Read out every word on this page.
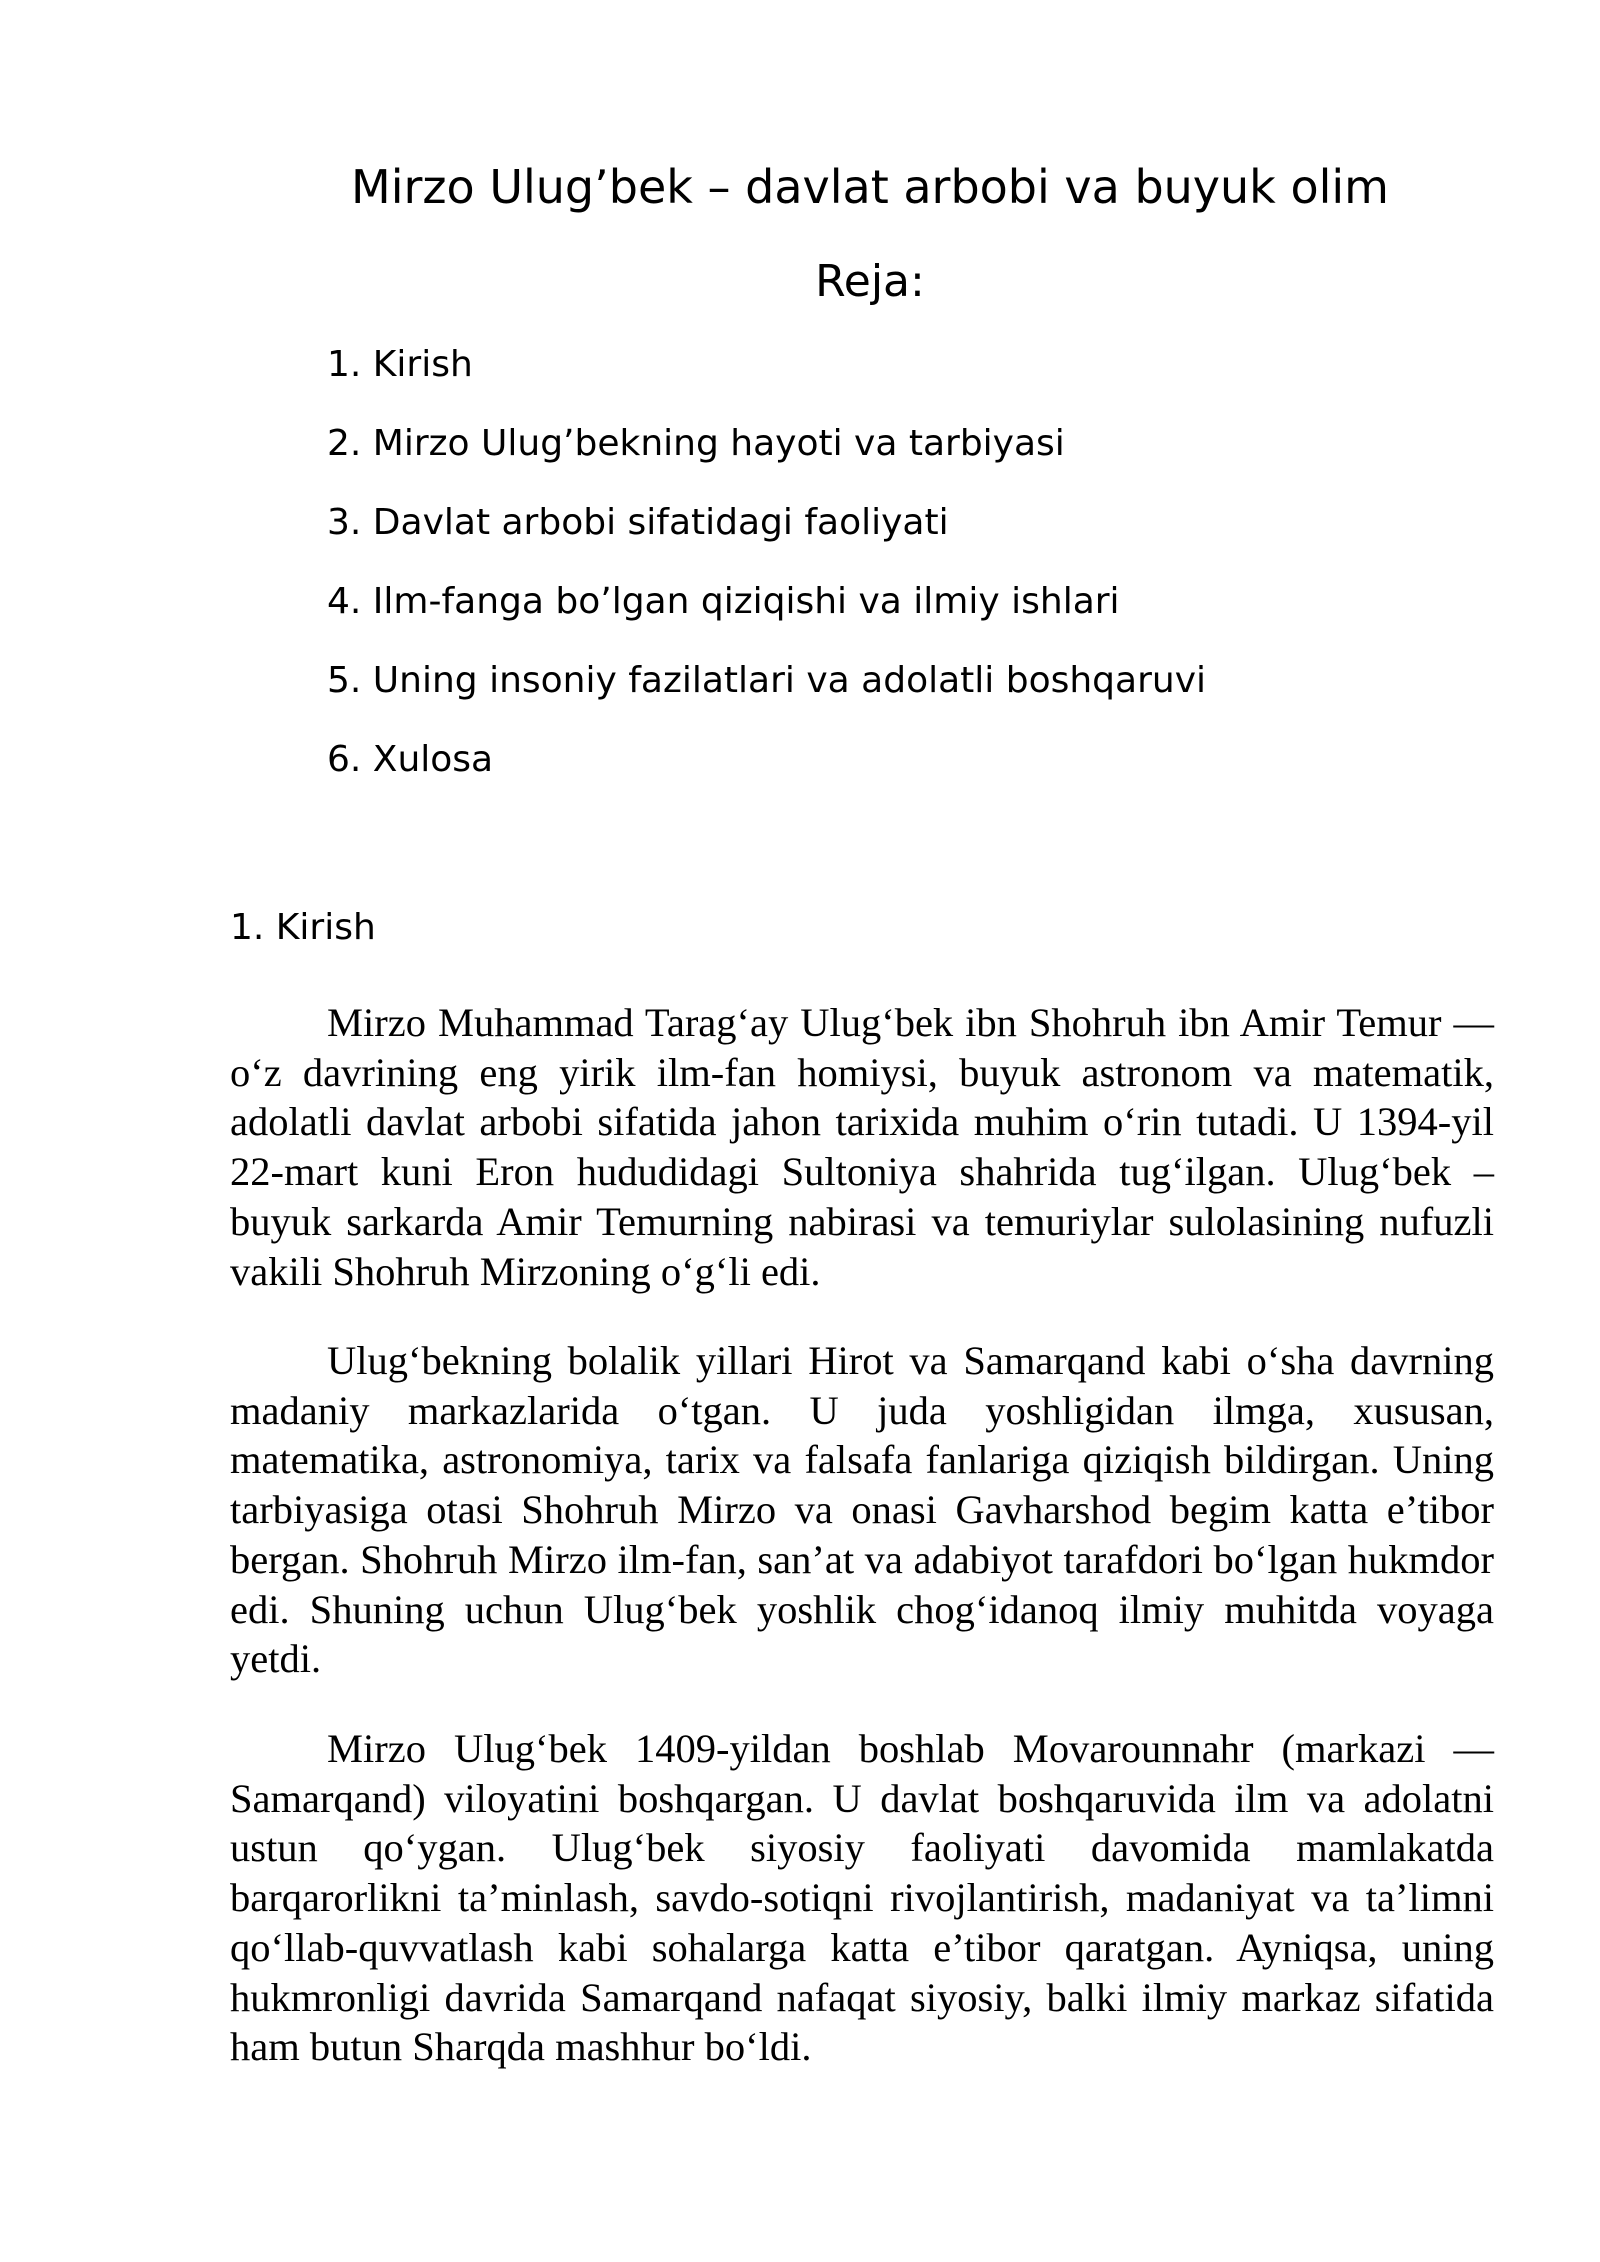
Mirzo Ulug’bek – davlat arbobi va buyuk olim
Reja:
1. Kirish
2. Mirzo Ulug’bekning hayoti va tarbiyasi
3. Davlat arbobi sifatidagi faoliyati
4. Ilm-fanga bo’lgan qiziqishi va ilmiy ishlari
5. Uning insoniy fazilatlari va adolatli boshqaruvi
6. Xulosa
1. Kirish

Mirzo Muhammad Tarag‘ay Ulug‘bek ibn Shohruh ibn Amir Temur — o‘z davrining eng yirik ilm-fan homiysi, buyuk astronom va matematik, adolatli davlat arbobi sifatida jahon tarixida muhim o‘rin tutadi. U 1394-yil 22-mart kuni Eron hududidagi Sultoniya shahrida tug‘ilgan. Ulug‘bek – buyuk sarkarda Amir Temurning nabirasi va temuriylar sulolasining nufuzli vakili Shohruh Mirzoning o‘g‘li edi.

Ulug‘bekning bolalik yillari Hirot va Samarqand kabi o‘sha davrning madaniy markazlarida o‘tgan. U juda yoshligidan ilmga, xususan, matematika, astronomiya, tarix va falsafa fanlariga qiziqish bildirgan. Uning tarbiyasiga otasi Shohruh Mirzo va onasi Gavharshod begim katta e’tibor bergan. Shohruh Mirzo ilm-fan, san’at va adabiyot tarafdori bo‘lgan hukmdor edi. Shuning uchun Ulug‘bek yoshlik chog‘idanoq ilmiy muhitda voyaga yetdi.

Mirzo Ulug‘bek 1409-yildan boshlab Movarounnahr (markazi — Samarqand) viloyatini boshqargan. U davlat boshqaruvida ilm va adolatni ustun qo‘ygan. Ulug‘bek siyosiy faoliyati davomida mamlakatda barqarorlikni ta’minlash, savdo-sotiqni rivojlantirish, madaniyat va ta’limni qo‘llab-quvvatlash kabi sohalarga katta e’tibor qaratgan. Ayniqsa, uning hukmronligi davrida Samarqand nafaqat siyosiy, balki ilmiy markaz sifatida ham butun Sharqda mashhur bo‘ldi.
